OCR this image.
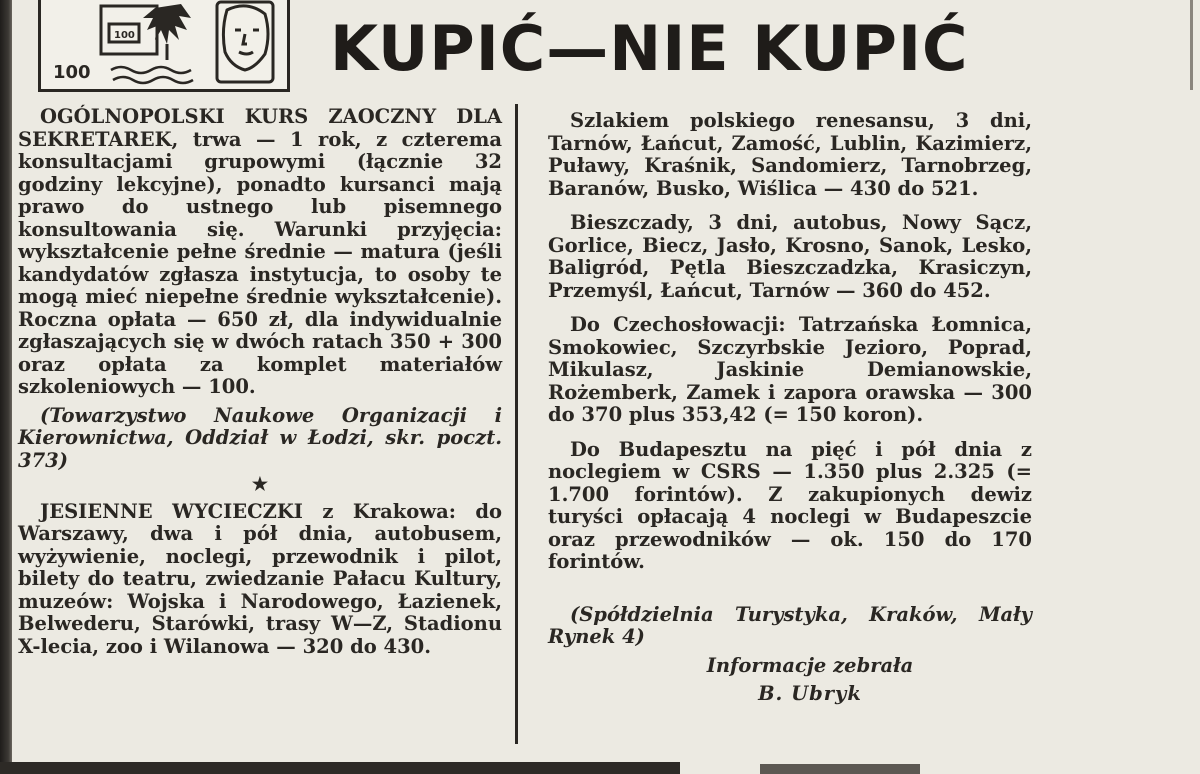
100
100	KUPIĆ—NIE KUPIĆ

OGÓLNOPOLSKI KURS ZAOCZNY DLA SEKRETAREK, trwa — 1 rok, z czterema konsultacjami grupowymi (łącznie 32 godziny lekcyjne), ponadto kursanci mają prawo do ustnego lub pisemnego konsultowania się. Warunki przyjęcia: wykształcenie pełne średnie — matura (jeśli kandydatów zgłasza instytucja, to osoby te mogą mieć niepełne średnie wykształcenie). Roczna opłata — 650 zł, dla indywidualnie zgłaszających się w dwóch ratach 350 + 300 oraz opłata za komplet materiałów szkoleniowych — 100.

(Towarzystwo Naukowe Organizacji i Kierownictwa, Oddział w Łodzi, skr. poczt. 373)

★

JESIENNE WYCIECZKI z Krakowa: do Warszawy, dwa i pół dnia, autobusem, wyżywienie, noclegi, przewodnik i pilot, bilety do teatru, zwiedzanie Pałacu Kultury, muzeów: Wojska i Narodowego, Łazienek, Belwederu, Starówki, trasy W—Z, Stadionu X-lecia, zoo i Wilanowa — 320 do 430.

Szlakiem polskiego renesansu, 3 dni, Tarnów, Łańcut, Zamość, Lublin, Kazimierz, Puławy, Kraśnik, Sandomierz, Tarnobrzeg, Baranów, Busko, Wiślica — 430 do 521.

Bieszczady, 3 dni, autobus, Nowy Sącz, Gorlice, Biecz, Jasło, Krosno, Sanok, Lesko, Baligród, Pętla Bieszczadzka, Krasiczyn, Przemyśl, Łańcut, Tarnów — 360 do 452.

Do Czechosłowacji: Tatrzańska Łomnica, Smokowiec, Szczyrbskie Jezioro, Poprad, Mikulasz, Jaskinie Demianowskie, Rożemberk, Zamek i zapora orawska — 300 do 370 plus 353,42 (= 150 koron).

Do Budapesztu na pięć i pół dnia z noclegiem w CSRS — 1.350 plus 2.325 (= 1.700 forintów). Z zakupionych dewiz turyści opłacają 4 noclegi w Budapeszcie oraz przewodników — ok. 150 do 170 forintów.

(Spółdzielnia Turystyka, Kraków, Mały Rynek 4)

Informacje zebrała

B. Ubryk
